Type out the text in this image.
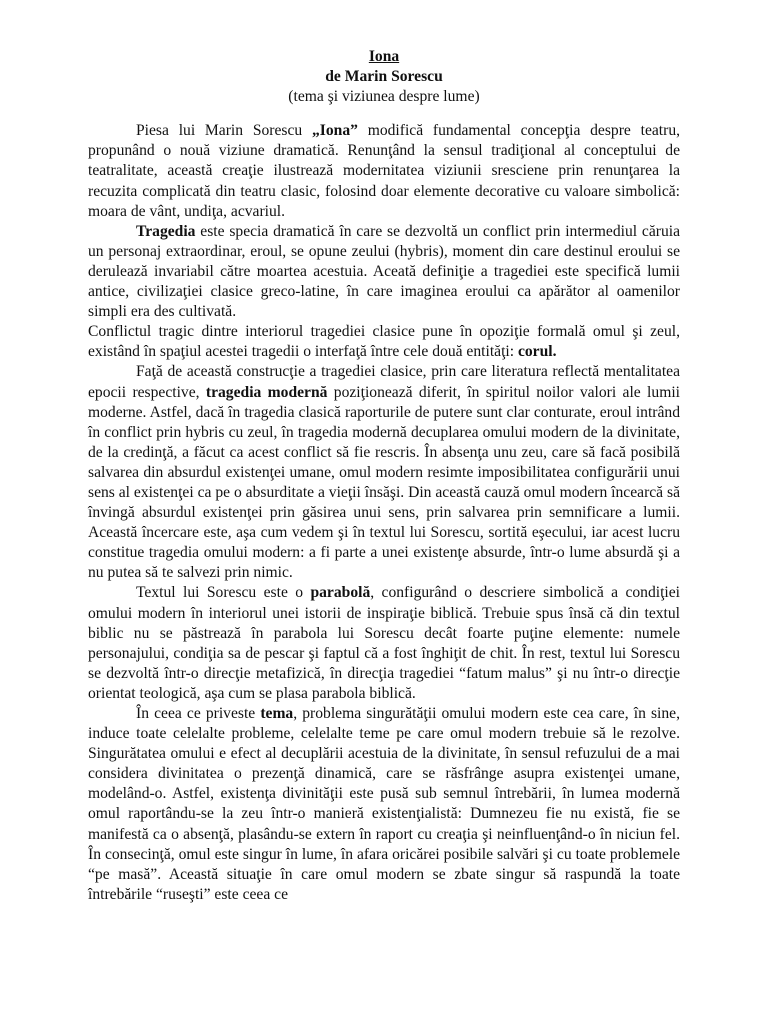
Iona
de Marin Sorescu
(tema şi viziunea despre lume)

Piesa lui Marin Sorescu „Iona” modifică fundamental concepţia despre teatru, propunând o nouă viziune dramatică. Renunţând la sensul tradiţional al conceptului de teatralitate, această creaţie ilustrează modernitatea viziunii sresciene prin renunţarea la recuzita complicată din teatru clasic, folosind doar elemente decorative cu valoare simbolică: moara de vânt, undiţa, acvariul.

Tragedia este specia dramatică în care se dezvoltă un conflict prin intermediul căruia un personaj extraordinar, eroul, se opune zeului (hybris), moment din care destinul eroului se derulează invariabil către moartea acestuia. Aceată definiţie a tragediei este specifică lumii antice, civilizaţiei clasice greco-latine, în care imaginea eroului ca apărător al oamenilor simpli era des cultivată.

Conflictul tragic dintre interiorul tragediei clasice pune în opoziţie formală omul şi zeul, existând în spaţiul acestei tragedii o interfaţă între cele două entităţi: corul.

Faţă de această construcţie a tragediei clasice, prin care literatura reflectă mentalitatea epocii respective, tragedia modernă poziţionează diferit, în spiritul noilor valori ale lumii moderne. Astfel, dacă în tragedia clasică raporturile de putere sunt clar conturate, eroul intrând în conflict prin hybris cu zeul, în tragedia modernă decuplarea omului modern de la divinitate, de la credinţă, a făcut ca acest conflict să fie rescris. În absenţa unu zeu, care să facă posibilă salvarea din absurdul existenţei umane, omul modern resimte imposibilitatea configurării unui sens al existenţei ca pe o absurditate a vieţii însăşi. Din această cauză omul modern încearcă să învingă absurdul existenţei prin găsirea unui sens, prin salvarea prin semnificare a lumii. Această încercare este, aşa cum vedem şi în textul lui Sorescu, sortită eşecului, iar acest lucru constitue tragedia omului modern: a fi parte a unei existenţe absurde, într-o lume absurdă şi a nu putea să te salvezi prin nimic.

Textul lui Sorescu este o parabolă, configurând o descriere simbolică a condiţiei omului modern în interiorul unei istorii de inspiraţie biblică. Trebuie spus însă că din textul biblic nu se păstrează în parabola lui Sorescu decât foarte puţine elemente: numele personajului, condiţia sa de pescar şi faptul că a fost înghiţit de chit. În rest, textul lui Sorescu se dezvoltă într-o direcţie metafizică, în direcţia tragediei “fatum malus” şi nu într-o direcţie orientat teologică, aşa cum se plasa parabola biblică.

În ceea ce priveste tema, problema singurătăţii omului modern este cea care, în sine, induce toate celelalte probleme, celelalte teme pe care omul modern trebuie să le rezolve. Singurătatea omului e efect al decuplării acestuia de la divinitate, în sensul refuzului de a mai considera divinitatea o prezenţă dinamică, care se răsfrânge asupra existenţei umane, modelând-o. Astfel, existenţa divinităţii este pusă sub semnul întrebării, în lumea modernă omul raportându-se la zeu într-o manieră existenţialistă: Dumnezeu fie nu există, fie se manifestă ca o absenţă, plasându-se extern în raport cu creaţia şi neinfluenţând-o în niciun fel. În consecinţă, omul este singur în lume, în afara oricărei posibile salvări şi cu toate problemele “pe masă”. Această situaţie în care omul modern se zbate singur să raspundă la toate întrebările “ruseşti” este ceea ce
